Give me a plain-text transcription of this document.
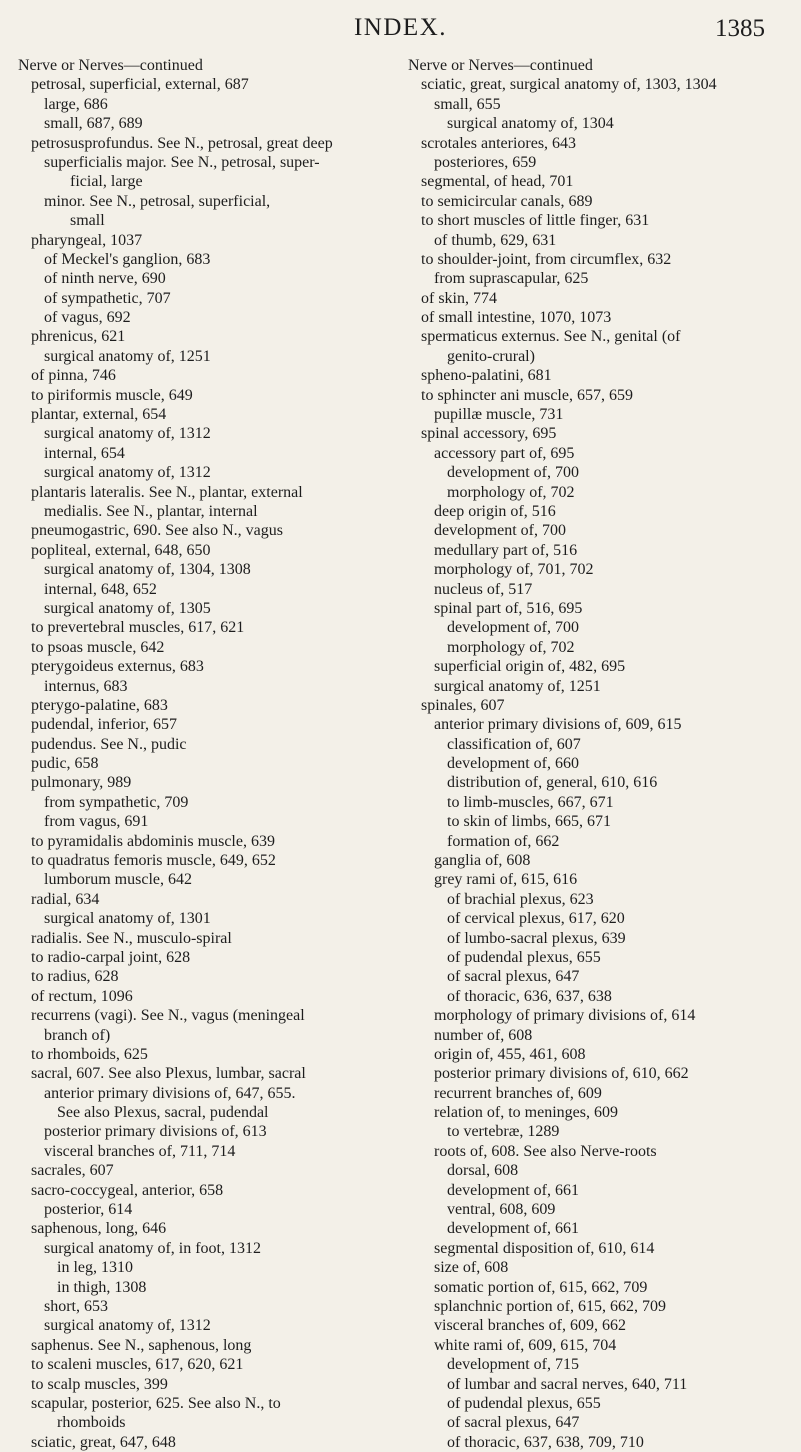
INDEX.	1385
Nerve or Nerves—continued
petrosal, superficial, external, 687
large, 686
small, 687, 689
petrosusprofundus. See N., petrosal, great deep
superficialis major. See N., petrosal, super-
ficial, large
minor. See N., petrosal, superficial,
small
pharyngeal, 1037
of Meckel's ganglion, 683
of ninth nerve, 690
of sympathetic, 707
of vagus, 692
phrenicus, 621
surgical anatomy of, 1251
of pinna, 746
to piriformis muscle, 649
plantar, external, 654
surgical anatomy of, 1312
internal, 654
surgical anatomy of, 1312
plantaris lateralis. See N., plantar, external
medialis. See N., plantar, internal
pneumogastric, 690. See also N., vagus
popliteal, external, 648, 650
surgical anatomy of, 1304, 1308
internal, 648, 652
surgical anatomy of, 1305
to prevertebral muscles, 617, 621
to psoas muscle, 642
pterygoideus externus, 683
internus, 683
pterygo-palatine, 683
pudendal, inferior, 657
pudendus. See N., pudic
pudic, 658
pulmonary, 989
from sympathetic, 709
from vagus, 691
to pyramidalis abdominis muscle, 639
to quadratus femoris muscle, 649, 652
lumborum muscle, 642
radial, 634
surgical anatomy of, 1301
radialis. See N., musculo-spiral
to radio-carpal joint, 628
to radius, 628
of rectum, 1096
recurrens (vagi). See N., vagus (meningeal
branch of)
to rhomboids, 625
sacral, 607. See also Plexus, lumbar, sacral
anterior primary divisions of, 647, 655.
See also Plexus, sacral, pudendal
posterior primary divisions of, 613
visceral branches of, 711, 714
sacrales, 607
sacro-coccygeal, anterior, 658
posterior, 614
saphenous, long, 646
surgical anatomy of, in foot, 1312
in leg, 1310
in thigh, 1308
short, 653
surgical anatomy of, 1312
saphenus. See N., saphenous, long
to scaleni muscles, 617, 620, 621
to scalp muscles, 399
scapular, posterior, 625. See also N., to
rhomboids
sciatic, great, 647, 648
Nerve or Nerves—continued
sciatic, great, surgical anatomy of, 1303, 1304
small, 655
surgical anatomy of, 1304
scrotales anteriores, 643
posteriores, 659
segmental, of head, 701
to semicircular canals, 689
to short muscles of little finger, 631
of thumb, 629, 631
to shoulder-joint, from circumflex, 632
from suprascapular, 625
of skin, 774
of small intestine, 1070, 1073
spermaticus externus. See N., genital (of
genito-crural)
spheno-palatini, 681
to sphincter ani muscle, 657, 659
pupillæ muscle, 731
spinal accessory, 695
accessory part of, 695
development of, 700
morphology of, 702
deep origin of, 516
development of, 700
medullary part of, 516
morphology of, 701, 702
nucleus of, 517
spinal part of, 516, 695
development of, 700
morphology of, 702
superficial origin of, 482, 695
surgical anatomy of, 1251
spinales, 607
anterior primary divisions of, 609, 615
classification of, 607
development of, 660
distribution of, general, 610, 616
to limb-muscles, 667, 671
to skin of limbs, 665, 671
formation of, 662
ganglia of, 608
grey rami of, 615, 616
of brachial plexus, 623
of cervical plexus, 617, 620
of lumbo-sacral plexus, 639
of pudendal plexus, 655
of sacral plexus, 647
of thoracic, 636, 637, 638
morphology of primary divisions of, 614
number of, 608
origin of, 455, 461, 608
posterior primary divisions of, 610, 662
recurrent branches of, 609
relation of, to meninges, 609
to vertebræ, 1289
roots of, 608. See also Nerve-roots
dorsal, 608
development of, 661
ventral, 608, 609
development of, 661
segmental disposition of, 610, 614
size of, 608
somatic portion of, 615, 662, 709
splanchnic portion of, 615, 662, 709
visceral branches of, 609, 662
white rami of, 609, 615, 704
development of, 715
of lumbar and sacral nerves, 640, 711
of pudendal plexus, 655
of sacral plexus, 647
of thoracic, 637, 638, 709, 710
